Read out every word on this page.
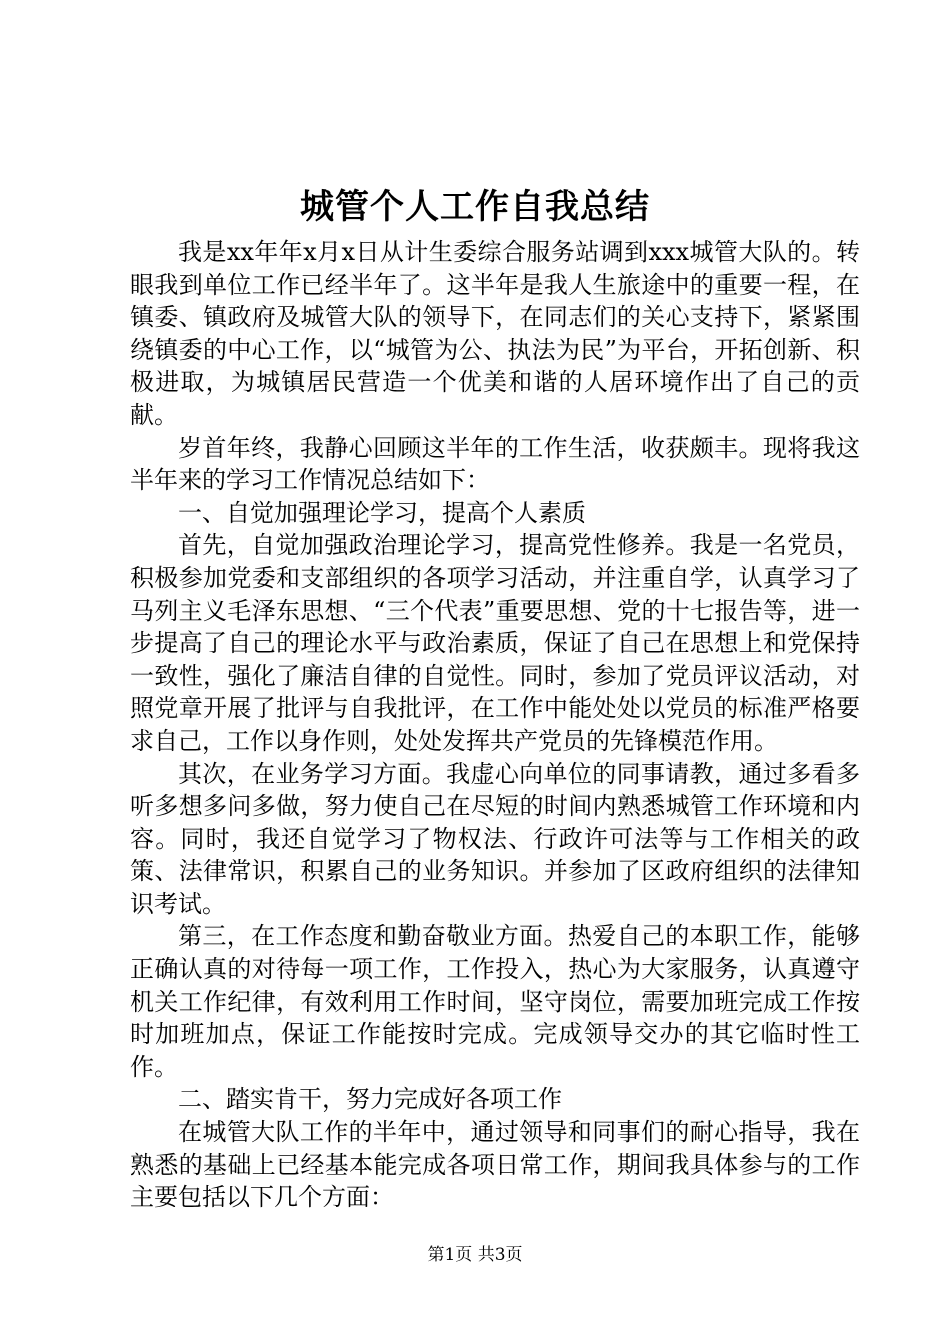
城管个人工作自我总结

我是xx年年x月x日从计生委综合服务站调到xxx城管大队的。转眼我到单位工作已经半年了。这半年是我人生旅途中的重要一程，在镇委、镇政府及城管大队的领导下，在同志们的关心支持下，紧紧围绕镇委的中心工作，以“城管为公、执法为民”为平台，开拓创新、积极进取，为城镇居民营造一个优美和谐的人居环境作出了自己的贡献。

岁首年终，我静心回顾这半年的工作生活，收获颇丰。现将我这半年来的学习工作情况总结如下：

一、自觉加强理论学习，提高个人素质

首先，自觉加强政治理论学习，提高党性修养。我是一名党员，积极参加党委和支部组织的各项学习活动，并注重自学，认真学习了马列主义毛泽东思想、“三个代表”重要思想、党的十七报告等，进一步提高了自己的理论水平与政治素质，保证了自己在思想上和党保持一致性，强化了廉洁自律的自觉性。同时，参加了党员评议活动，对照党章开展了批评与自我批评，在工作中能处处以党员的标准严格要求自己，工作以身作则，处处发挥共产党员的先锋模范作用。

其次，在业务学习方面。我虚心向单位的同事请教，通过多看多听多想多问多做，努力使自己在尽短的时间内熟悉城管工作环境和内容。同时，我还自觉学习了物权法、行政许可法等与工作相关的政策、法律常识，积累自己的业务知识。并参加了区政府组织的法律知识考试。

第三，在工作态度和勤奋敬业方面。热爱自己的本职工作，能够正确认真的对待每一项工作，工作投入，热心为大家服务，认真遵守机关工作纪律，有效利用工作时间，坚守岗位，需要加班完成工作按时加班加点，保证工作能按时完成。完成领导交办的其它临时性工作。

二、踏实肯干，努力完成好各项工作

在城管大队工作的半年中，通过领导和同事们的耐心指导，我在熟悉的基础上已经基本能完成各项日常工作，期间我具体参与的工作主要包括以下几个方面：

第1页 共3页
